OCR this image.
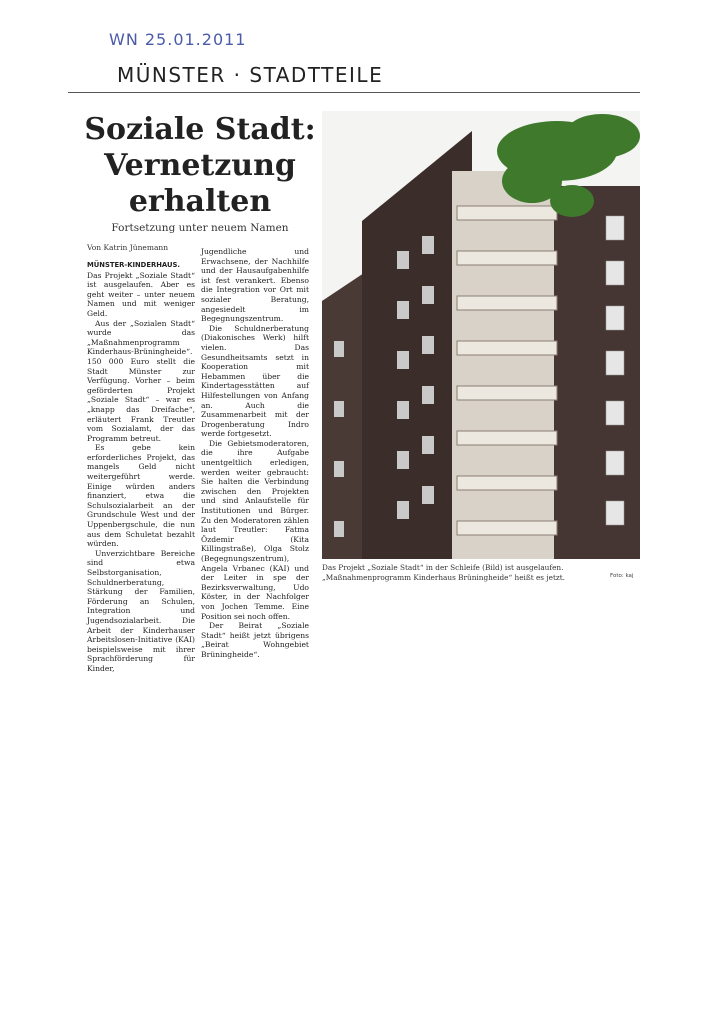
WN 25.01.2011
MÜNSTER · STADTTEILE
Soziale Stadt:
Vernetzung
erhalten
Fortsetzung unter neuem Namen
Von Katrin Jünemann

MÜNSTER-KINDERHAUS. Das Projekt „Soziale Stadt“ ist ausgelaufen. Aber es geht weiter – unter neuem Namen und mit weniger Geld.

Aus der „Sozialen Stadt“ wurde das „Maßnahmenprogramm Kinderhaus-Brüningheide“. 150 000 Euro stellt die Stadt Münster zur Verfügung. Vorher – beim geförderten Projekt „Soziale Stadt“ – war es „knapp das Dreifache“, erläutert Frank Treutler vom Sozialamt, der das Programm betreut.

Es gebe kein erforderliches Projekt, das mangels Geld nicht weitergeführt werde. Einige würden anders finanziert, etwa die Schulsozialarbeit an der Grundschule West und der Uppenbergschule, die nun aus dem Schuletat bezahlt würden.

Unverzichtbare Bereiche sind etwa Selbstorganisation, Schuldnerberatung, Stärkung der Familien, Förderung an Schulen, Integration und Jugendsozialarbeit. Die Arbeit der Kinderhauser Arbeitslosen-Initiative (KAI) beispielsweise mit ihrer Sprachförderung für Kinder,

Jugendliche und Erwachsene, der Nachhilfe und der Hausaufgabenhilfe ist fest verankert. Ebenso die Integration vor Ort mit sozialer Beratung, angesiedelt im Begegnungszentrum.

Die Schuldnerberatung (Diakonisches Werk) hilft vielen. Das Gesundheitsamts setzt in Kooperation mit Hebammen über die Kindertagesstätten auf Hilfestellungen von Anfang an. Auch die Zusammenarbeit mit der Drogenberatung Indro werde fortgesetzt.

Die Gebietsmoderatoren, die ihre Aufgabe unentgeltlich erledigen, werden weiter gebraucht: Sie halten die Verbindung zwischen den Projekten und sind Anlaufstelle für Institutionen und Bürger. Zu den Moderatoren zählen laut Treutler: Fatma Özdemir (Kita Killingstraße), Olga Stolz (Begegnungszentrum), Angela Vrbanec (KAI) und der Leiter in spe der Bezirksverwaltung, Udo Köster, in der Nachfolger von Jochen Temme. Eine Position sei noch offen.

Der Beirat „Soziale Stadt“ heißt jetzt übrigens „Beirat Wohngebiet Brüningheide“.

Das Projekt „Soziale Stadt“ in der Schleife (Bild) ist ausgelaufen. „Maßnahmenprogramm Kinderhaus Brüningheide“ heißt es jetzt.	Foto: kaj
